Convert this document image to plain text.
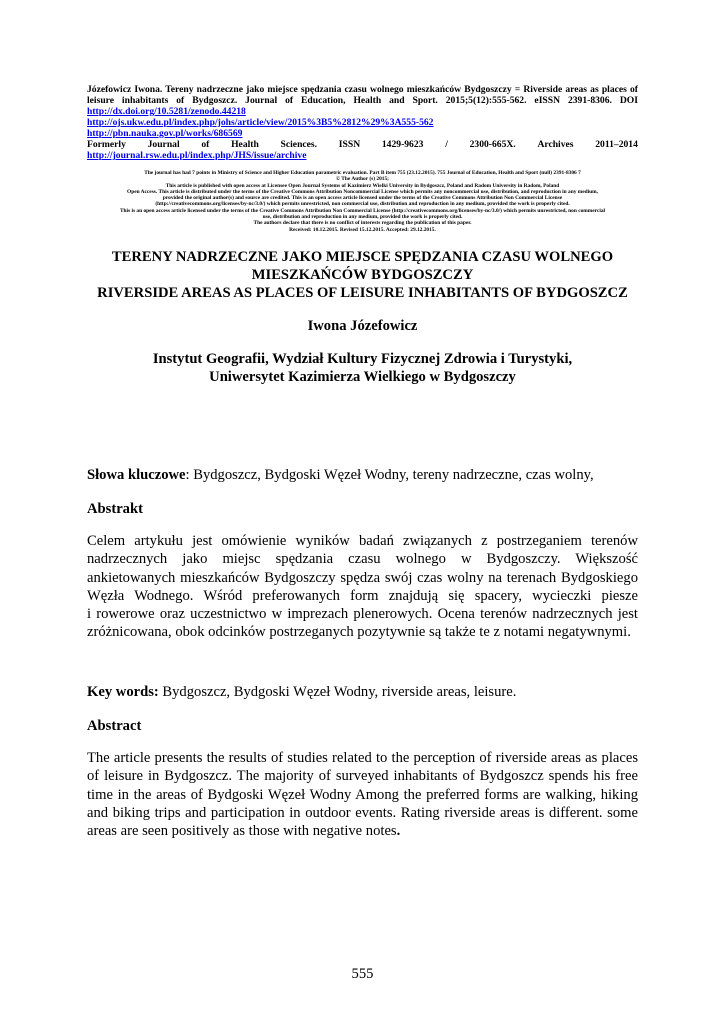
Józefowicz Iwona. Tereny nadrzeczne jako miejsce spędzania czasu wolnego mieszkańców Bydgoszczy = Riverside areas as places of
leisure inhabitants of Bydgoszcz. Journal of Education, Health and Sport. 2015;5(12):555-562. eISSN 2391-8306. DOI
http://dx.doi.org/10.5281/zenodo.44218
http://ojs.ukw.edu.pl/index.php/johs/article/view/2015%3B5%2812%29%3A555-562
http://pbn.nauka.gov.pl/works/686569
Formerly Journal of Health Sciences. ISSN 1429-9623 / 2300-665X. Archives 2011–2014
http://journal.rsw.edu.pl/index.php/JHS/issue/archive
The journal has had 7 points in Ministry of Science and Higher Education parametric evaluation. Part B item 755 (23.12.2015). 755 Journal of Education, Health and Sport (null) 2391-8306 7
© The Author (s) 2015;
This article is published with open access at Licensee Open Journal Systems of Kazimierz Wielki University in Bydgoszcz, Poland and Radom University in Radom, Poland
Open Access. This article is distributed under the terms of the Creative Commons Attribution Noncommercial License which permits any noncommercial use, distribution, and reproduction in any medium,
provided the original author(s) and source are credited. This is an open access article licensed under the terms of the Creative Commons Attribution Non Commercial License
(http://creativecommons.org/licenses/by-nc/3.0/) which permits unrestricted, non commercial use, distribution and reproduction in any medium, provided the work is properly cited.
This is an open access article licensed under the terms of the Creative Commons Attribution Non Commercial License (http://creativecommons.org/licenses/by-nc/3.0/) which permits unrestricted, non commercial
use, distribution and reproduction in any medium, provided the work is properly cited.
The authors declare that there is no conflict of interests regarding the publication of this paper.
Received: 10.12.2015. Revised 15.12.2015. Accepted: 29.12.2015.
TERENY NADRZECZNE JAKO MIEJSCE SPĘDZANIA CZASU WOLNEGO
MIESZKAŃCÓW BYDGOSZCZY
RIVERSIDE AREAS AS PLACES OF LEISURE INHABITANTS OF BYDGOSZCZ
Iwona Józefowicz
Instytut Geografii, Wydział Kultury Fizycznej Zdrowia i Turystyki,
Uniwersytet Kazimierza Wielkiego w Bydgoszczy
Słowa kluczowe: Bydgoszcz, Bydgoski Węzeł Wodny, tereny nadrzeczne, czas wolny,
Abstrakt
Celem artykułu jest omówienie wyników badań związanych z postrzeganiem terenów
nadrzecznych jako miejsc spędzania czasu wolnego w Bydgoszczy. Większość
ankietowanych mieszkańców Bydgoszczy spędza swój czas wolny na terenach Bydgoskiego
Węzła Wodnego. Wśród preferowanych form znajdują się spacery, wycieczki piesze
i rowerowe oraz uczestnictwo w imprezach plenerowych. Ocena terenów nadrzecznych jest
zróżnicowana, obok odcinków postrzeganych pozytywnie są także te z notami negatywnymi.
Key words: Bydgoszcz, Bydgoski Węzeł Wodny, riverside areas, leisure.
Abstract
The article presents the results of studies related to the perception of riverside areas as places
of leisure in Bydgoszcz. The majority of surveyed inhabitants of Bydgoszcz spends his free
time in the areas of Bydgoski Węzeł Wodny Among the preferred forms are walking, hiking
and biking trips and participation in outdoor events. Rating riverside areas is different. some
areas are seen positively as those with negative notes.
555
